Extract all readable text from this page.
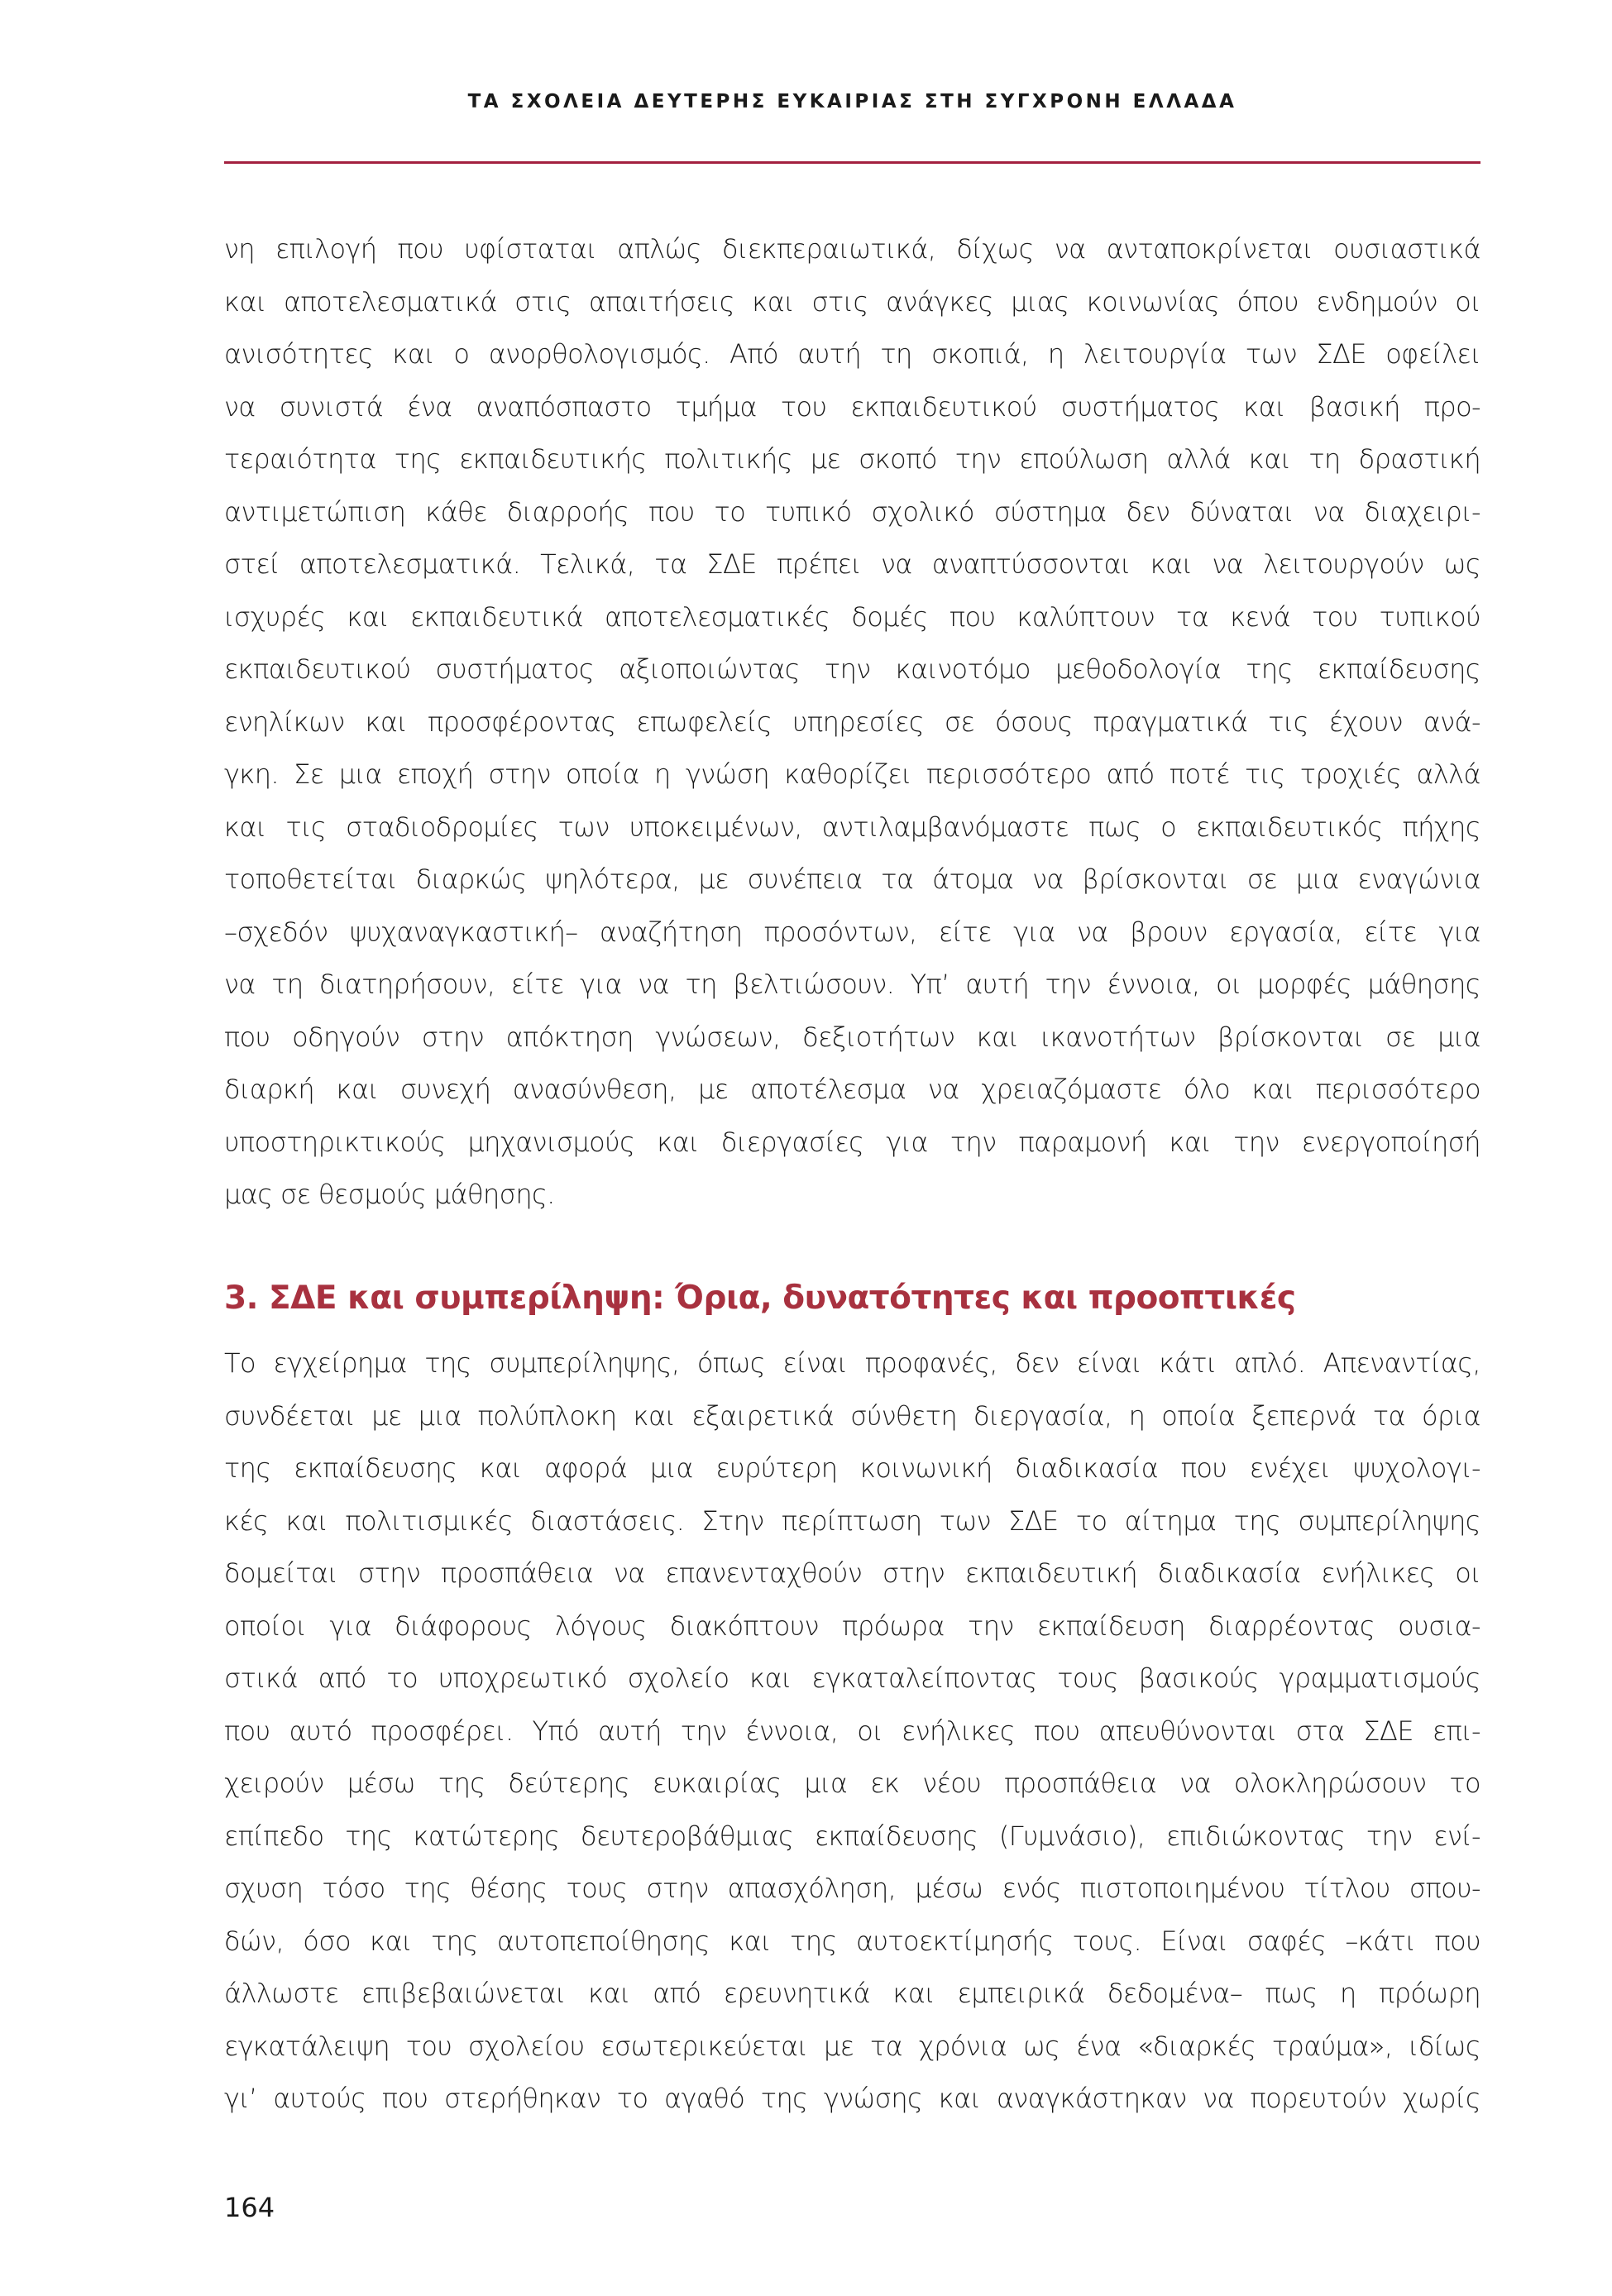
ΤΑ ΣΧΟΛΕΙΑ ΔΕΥΤΕΡΗΣ ΕΥΚΑΙΡΙΑΣ ΣΤΗ ΣΥΓΧΡΟΝΗ ΕΛΛΑΔΑ
νη επιλογή που υφίσταται απλώς διεκπεραιωτικά, δίχως να ανταποκρίνεται ουσιαστικά
και αποτελεσματικά στις απαιτήσεις και στις ανάγκες μιας κοινωνίας όπου ενδημούν οι
ανισότητες και ο ανορθολογισμός. Από αυτή τη σκοπιά, η λειτουργία των ΣΔΕ οφείλει
να συνιστά ένα αναπόσπαστο τμήμα του εκπαιδευτικού συστήματος και βασική προ-
τεραιότητα της εκπαιδευτικής πολιτικής με σκοπό την επούλωση αλλά και τη δραστική
αντιμετώπιση κάθε διαρροής που το τυπικό σχολικό σύστημα δεν δύναται να διαχειρι-
στεί αποτελεσματικά. Τελικά, τα ΣΔΕ πρέπει να αναπτύσσονται και να λειτουργούν ως
ισχυρές και εκπαιδευτικά αποτελεσματικές δομές που καλύπτουν τα κενά του τυπικού
εκπαιδευτικού συστήματος αξιοποιώντας την καινοτόμο μεθοδολογία της εκπαίδευσης
ενηλίκων και προσφέροντας επωφελείς υπηρεσίες σε όσους πραγματικά τις έχουν ανά-
γκη. Σε μια εποχή στην οποία η γνώση καθορίζει περισσότερο από ποτέ τις τροχιές αλλά
και τις σταδιοδρομίες των υποκειμένων, αντιλαμβανόμαστε πως ο εκπαιδευτικός πήχης
τοποθετείται διαρκώς ψηλότερα, με συνέπεια τα άτομα να βρίσκονται σε μια εναγώνια
–σχεδόν ψυχαναγκαστική– αναζήτηση προσόντων, είτε για να βρουν εργασία, είτε για
να τη διατηρήσουν, είτε για να τη βελτιώσουν. Υπ’ αυτή την έννοια, οι μορφές μάθησης
που οδηγούν στην απόκτηση γνώσεων, δεξιοτήτων και ικανοτήτων βρίσκονται σε μια
διαρκή και συνεχή ανασύνθεση, με αποτέλεσμα να χρειαζόμαστε όλο και περισσότερο
υποστηρικτικούς μηχανισμούς και διεργασίες για την παραμονή και την ενεργοποίησή
μας σε θεσμούς μάθησης.
3. ΣΔΕ και συμπερίληψη: Όρια, δυνατότητες και προοπτικές
Το εγχείρημα της συμπερίληψης, όπως είναι προφανές, δεν είναι κάτι απλό. Απεναντίας,
συνδέεται με μια πολύπλοκη και εξαιρετικά σύνθετη διεργασία, η οποία ξεπερνά τα όρια
της εκπαίδευσης και αφορά μια ευρύτερη κοινωνική διαδικασία που ενέχει ψυχολογι-
κές και πολιτισμικές διαστάσεις. Στην περίπτωση των ΣΔΕ το αίτημα της συμπερίληψης
δομείται στην προσπάθεια να επανενταχθούν στην εκπαιδευτική διαδικασία ενήλικες οι
οποίοι για διάφορους λόγους διακόπτουν πρόωρα την εκπαίδευση διαρρέοντας ουσια-
στικά από το υποχρεωτικό σχολείο και εγκαταλείποντας τους βασικούς γραμματισμούς
που αυτό προσφέρει. Υπό αυτή την έννοια, οι ενήλικες που απευθύνονται στα ΣΔΕ επι-
χειρούν μέσω της δεύτερης ευκαιρίας μια εκ νέου προσπάθεια να ολοκληρώσουν το
επίπεδο της κατώτερης δευτεροβάθμιας εκπαίδευσης (Γυμνάσιο), επιδιώκοντας την ενί-
σχυση τόσο της θέσης τους στην απασχόληση, μέσω ενός πιστοποιημένου τίτλου σπου-
δών, όσο και της αυτοπεποίθησης και της αυτοεκτίμησής τους. Είναι σαφές –κάτι που
άλλωστε επιβεβαιώνεται και από ερευνητικά και εμπειρικά δεδομένα– πως η πρόωρη
εγκατάλειψη του σχολείου εσωτερικεύεται με τα χρόνια ως ένα «διαρκές τραύμα», ιδίως
γι’ αυτούς που στερήθηκαν το αγαθό της γνώσης και αναγκάστηκαν να πορευτούν χωρίς
164
